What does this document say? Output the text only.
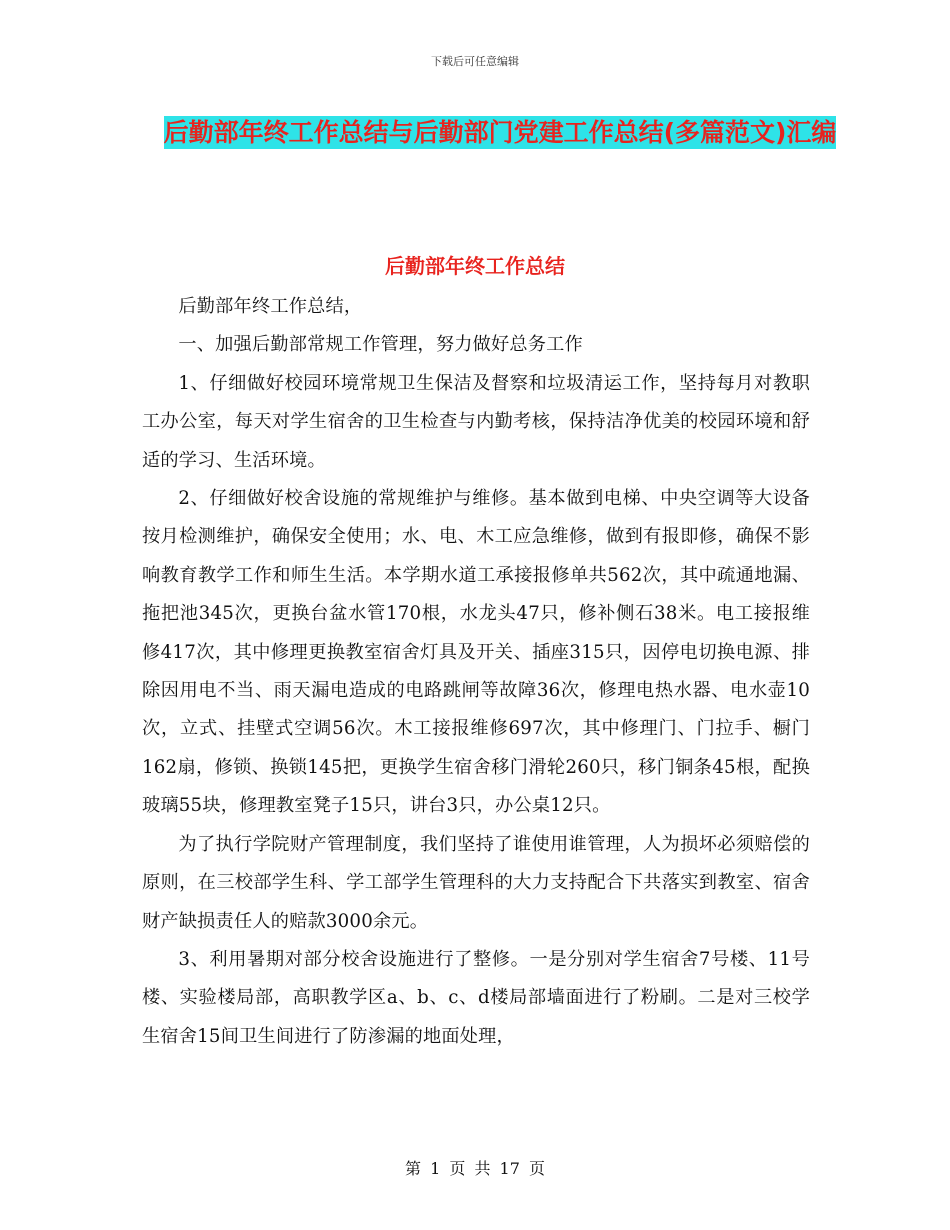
下载后可任意编辑
后勤部年终工作总结与后勤部门党建工作总结(多篇范文)汇编
后勤部年终工作总结

后勤部年终工作总结，

一、加强后勤部常规工作管理，努力做好总务工作

1、仔细做好校园环境常规卫生保洁及督察和垃圾清运工作，坚持每月对教职工办公室，每天对学生宿舍的卫生检查与内勤考核，保持洁净优美的校园环境和舒适的学习、生活环境。

2、仔细做好校舍设施的常规维护与维修。基本做到电梯、中央空调等大设备按月检测维护，确保安全使用；水、电、木工应急维修，做到有报即修，确保不影响教育教学工作和师生生活。本学期水道工承接报修单共562次，其中疏通地漏、拖把池345次，更换台盆水管170根，水龙头47只，修补侧石38米。电工接报维修417次，其中修理更换教室宿舍灯具及开关、插座315只，因停电切换电源、排除因用电不当、雨天漏电造成的电路跳闸等故障36次，修理电热水器、电水壶10次，立式、挂壁式空调56次。木工接报维修697次，其中修理门、门拉手、橱门162扇，修锁、换锁145把，更换学生宿舍移门滑轮260只，移门铜条45根，配换玻璃55块，修理教室凳子15只，讲台3只，办公桌12只。

为了执行学院财产管理制度，我们坚持了谁使用谁管理，人为损坏必须赔偿的原则，在三校部学生科、学工部学生管理科的大力支持配合下共落实到教室、宿舍财产缺损责任人的赔款3000余元。

3、利用暑期对部分校舍设施进行了整修。一是分别对学生宿舍7号楼、11号楼、实验楼局部，高职教学区a、b、c、d楼局部墙面进行了粉刷。二是对三校学生宿舍15间卫生间进行了防渗漏的地面处理，

第 1 页 共 17 页
